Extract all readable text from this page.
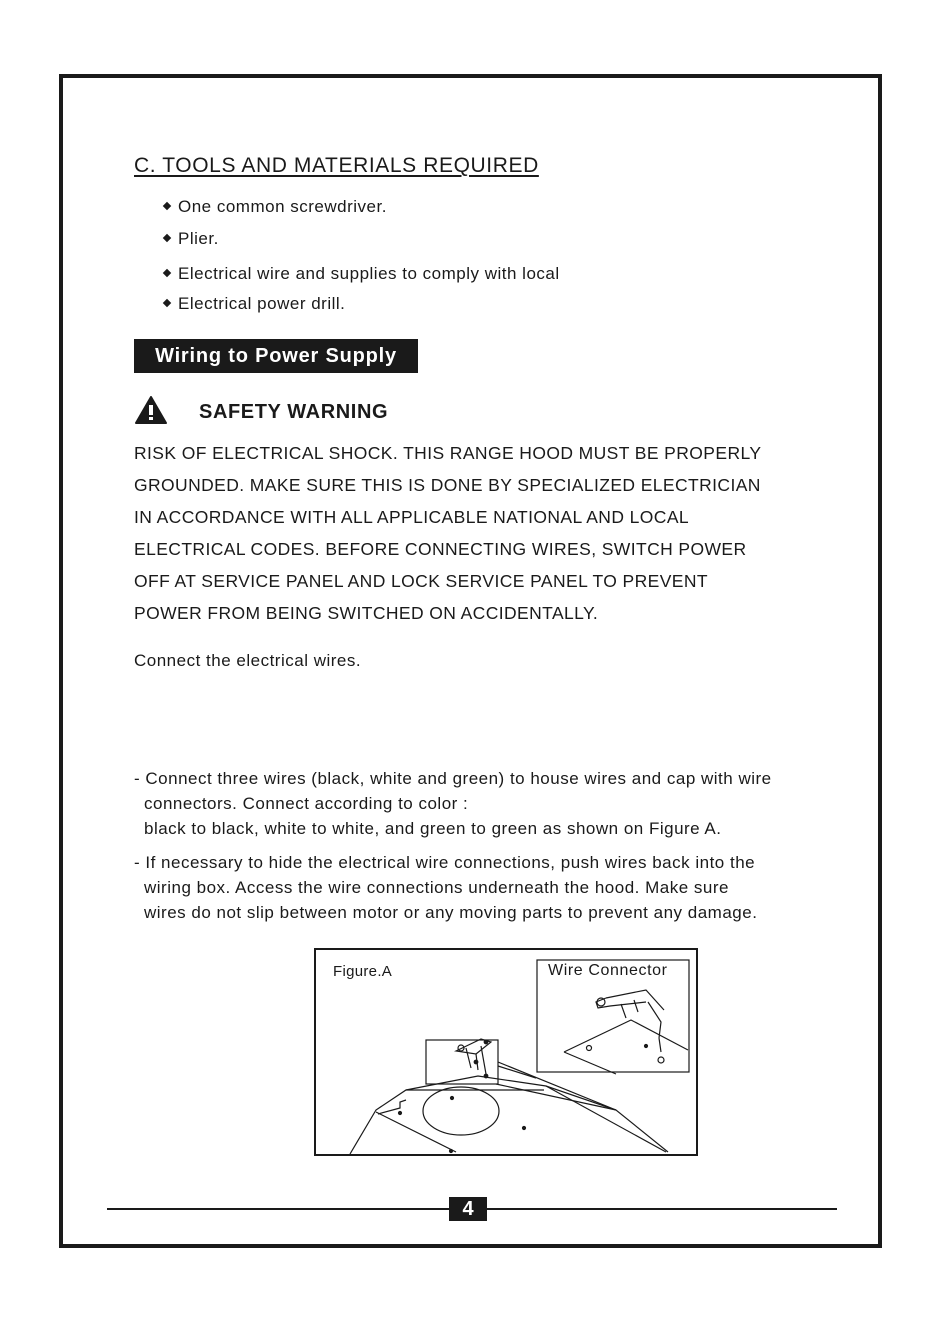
C. TOOLS AND MATERIALS REQUIRED
One common screwdriver.
Plier.
Electrical wire and supplies to comply with local
Electrical power drill.
Wiring to Power Supply
SAFETY WARNING
RISK OF ELECTRICAL SHOCK. THIS RANGE HOOD MUST BE PROPERLY
GROUNDED. MAKE SURE THIS IS DONE BY SPECIALIZED ELECTRICIAN
IN ACCORDANCE WITH ALL APPLICABLE NATIONAL AND LOCAL
ELECTRICAL CODES. BEFORE CONNECTING WIRES, SWITCH POWER
OFF AT SERVICE PANEL AND LOCK SERVICE PANEL TO PREVENT
POWER FROM BEING SWITCHED ON ACCIDENTALLY.
Connect the electrical wires.
- Connect three wires (black, white and green) to house wires and cap with wire
connectors. Connect according to color :
black to black, white to white, and green to green as shown on Figure A.
- If necessary to hide the electrical wire connections, push wires back into the
wiring box. Access the wire connections underneath the hood. Make sure
wires do not slip between motor or any moving parts to prevent any damage.
Figure.A	Wire Connector
4
